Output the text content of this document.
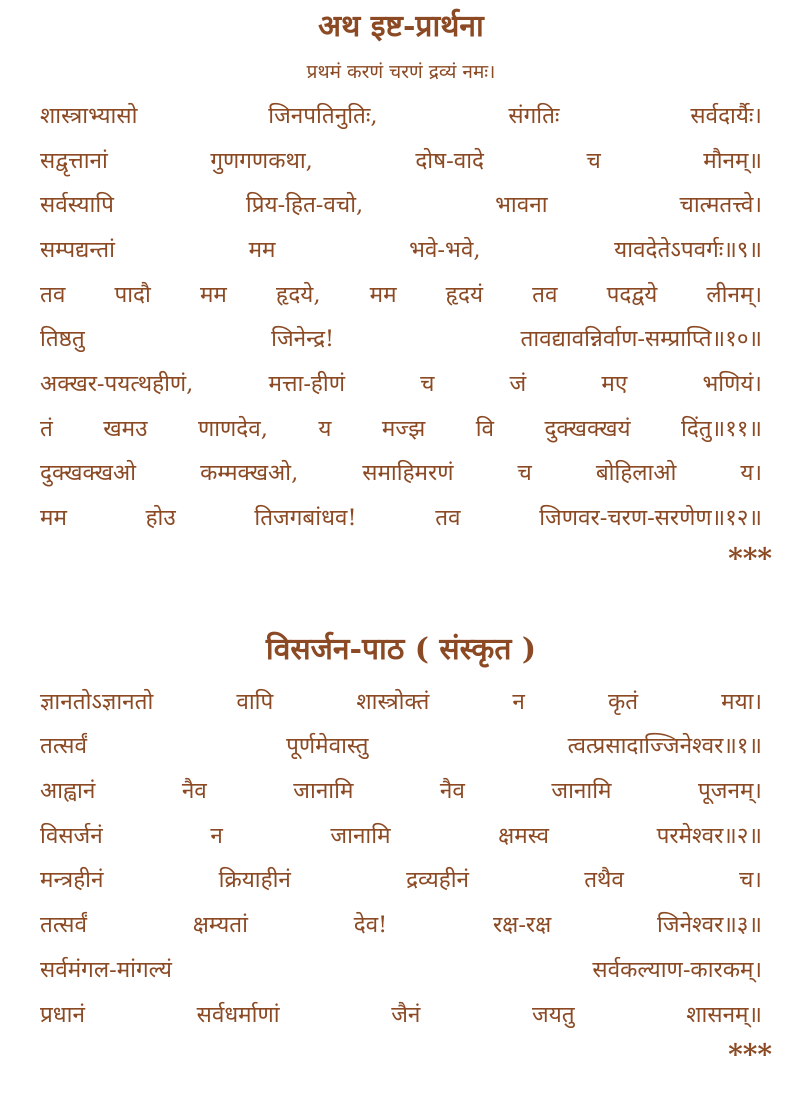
अथ इष्ट-प्रार्थना

प्रथमं करणं चरणं द्रव्यं नमः।

शास्त्राभ्यासो	जिनपतिनुतिः,	संगतिः	सर्वदार्यैः।
सद्वृत्तानां	गुणगणकथा,	दोष-वादे	च	मौनम्॥
सर्वस्यापि	प्रिय-हित-वचो,	भावना	चात्मतत्त्वे।
सम्पद्यन्तां	मम	भवे-भवे,	यावदेतेऽपवर्गः॥९॥
तव पादौ मम हृदये, मम हृदयं तव पदद्वये लीनम्।
तिष्ठतु	जिनेन्द्र!	तावद्यावन्निर्वाण-सम्प्राप्ति॥१०॥
अक्खर-पयत्थहीणं,	मत्ता-हीणं	च	जं	मए	भणियं।
तं खमउ णाणदेव, य मज्झ वि दुक्खक्खयं दिंतु॥११॥
दुक्खक्खओ	कम्मक्खओ,	समाहिमरणं	च	बोहिलाओ	य।
मम	होउ	तिजगबांधव!	तव	जिणवर-चरण-सरणेण॥१२॥
***
विसर्जन-पाठ ( संस्कृत )
ज्ञानतोऽज्ञानतो	वापि	शास्त्रोक्तं	न	कृतं	मया।
तत्सर्वं	पूर्णमेवास्तु	त्वत्प्रसादाज्जिनेश्वर॥१॥
आह्वानं	नैव	जानामि	नैव	जानामि	पूजनम्।
विसर्जनं	न	जानामि	क्षमस्व	परमेश्वर॥२॥
मन्त्रहीनं	क्रियाहीनं	द्रव्यहीनं	तथैव	च।
तत्सर्वं	क्षम्यतां	देव!	रक्ष-रक्ष	जिनेश्वर॥३॥
सर्वमंगल-मांगल्यं	सर्वकल्याण-कारकम्।
प्रधानं	सर्वधर्माणां	जैनं	जयतु	शासनम्॥
***
